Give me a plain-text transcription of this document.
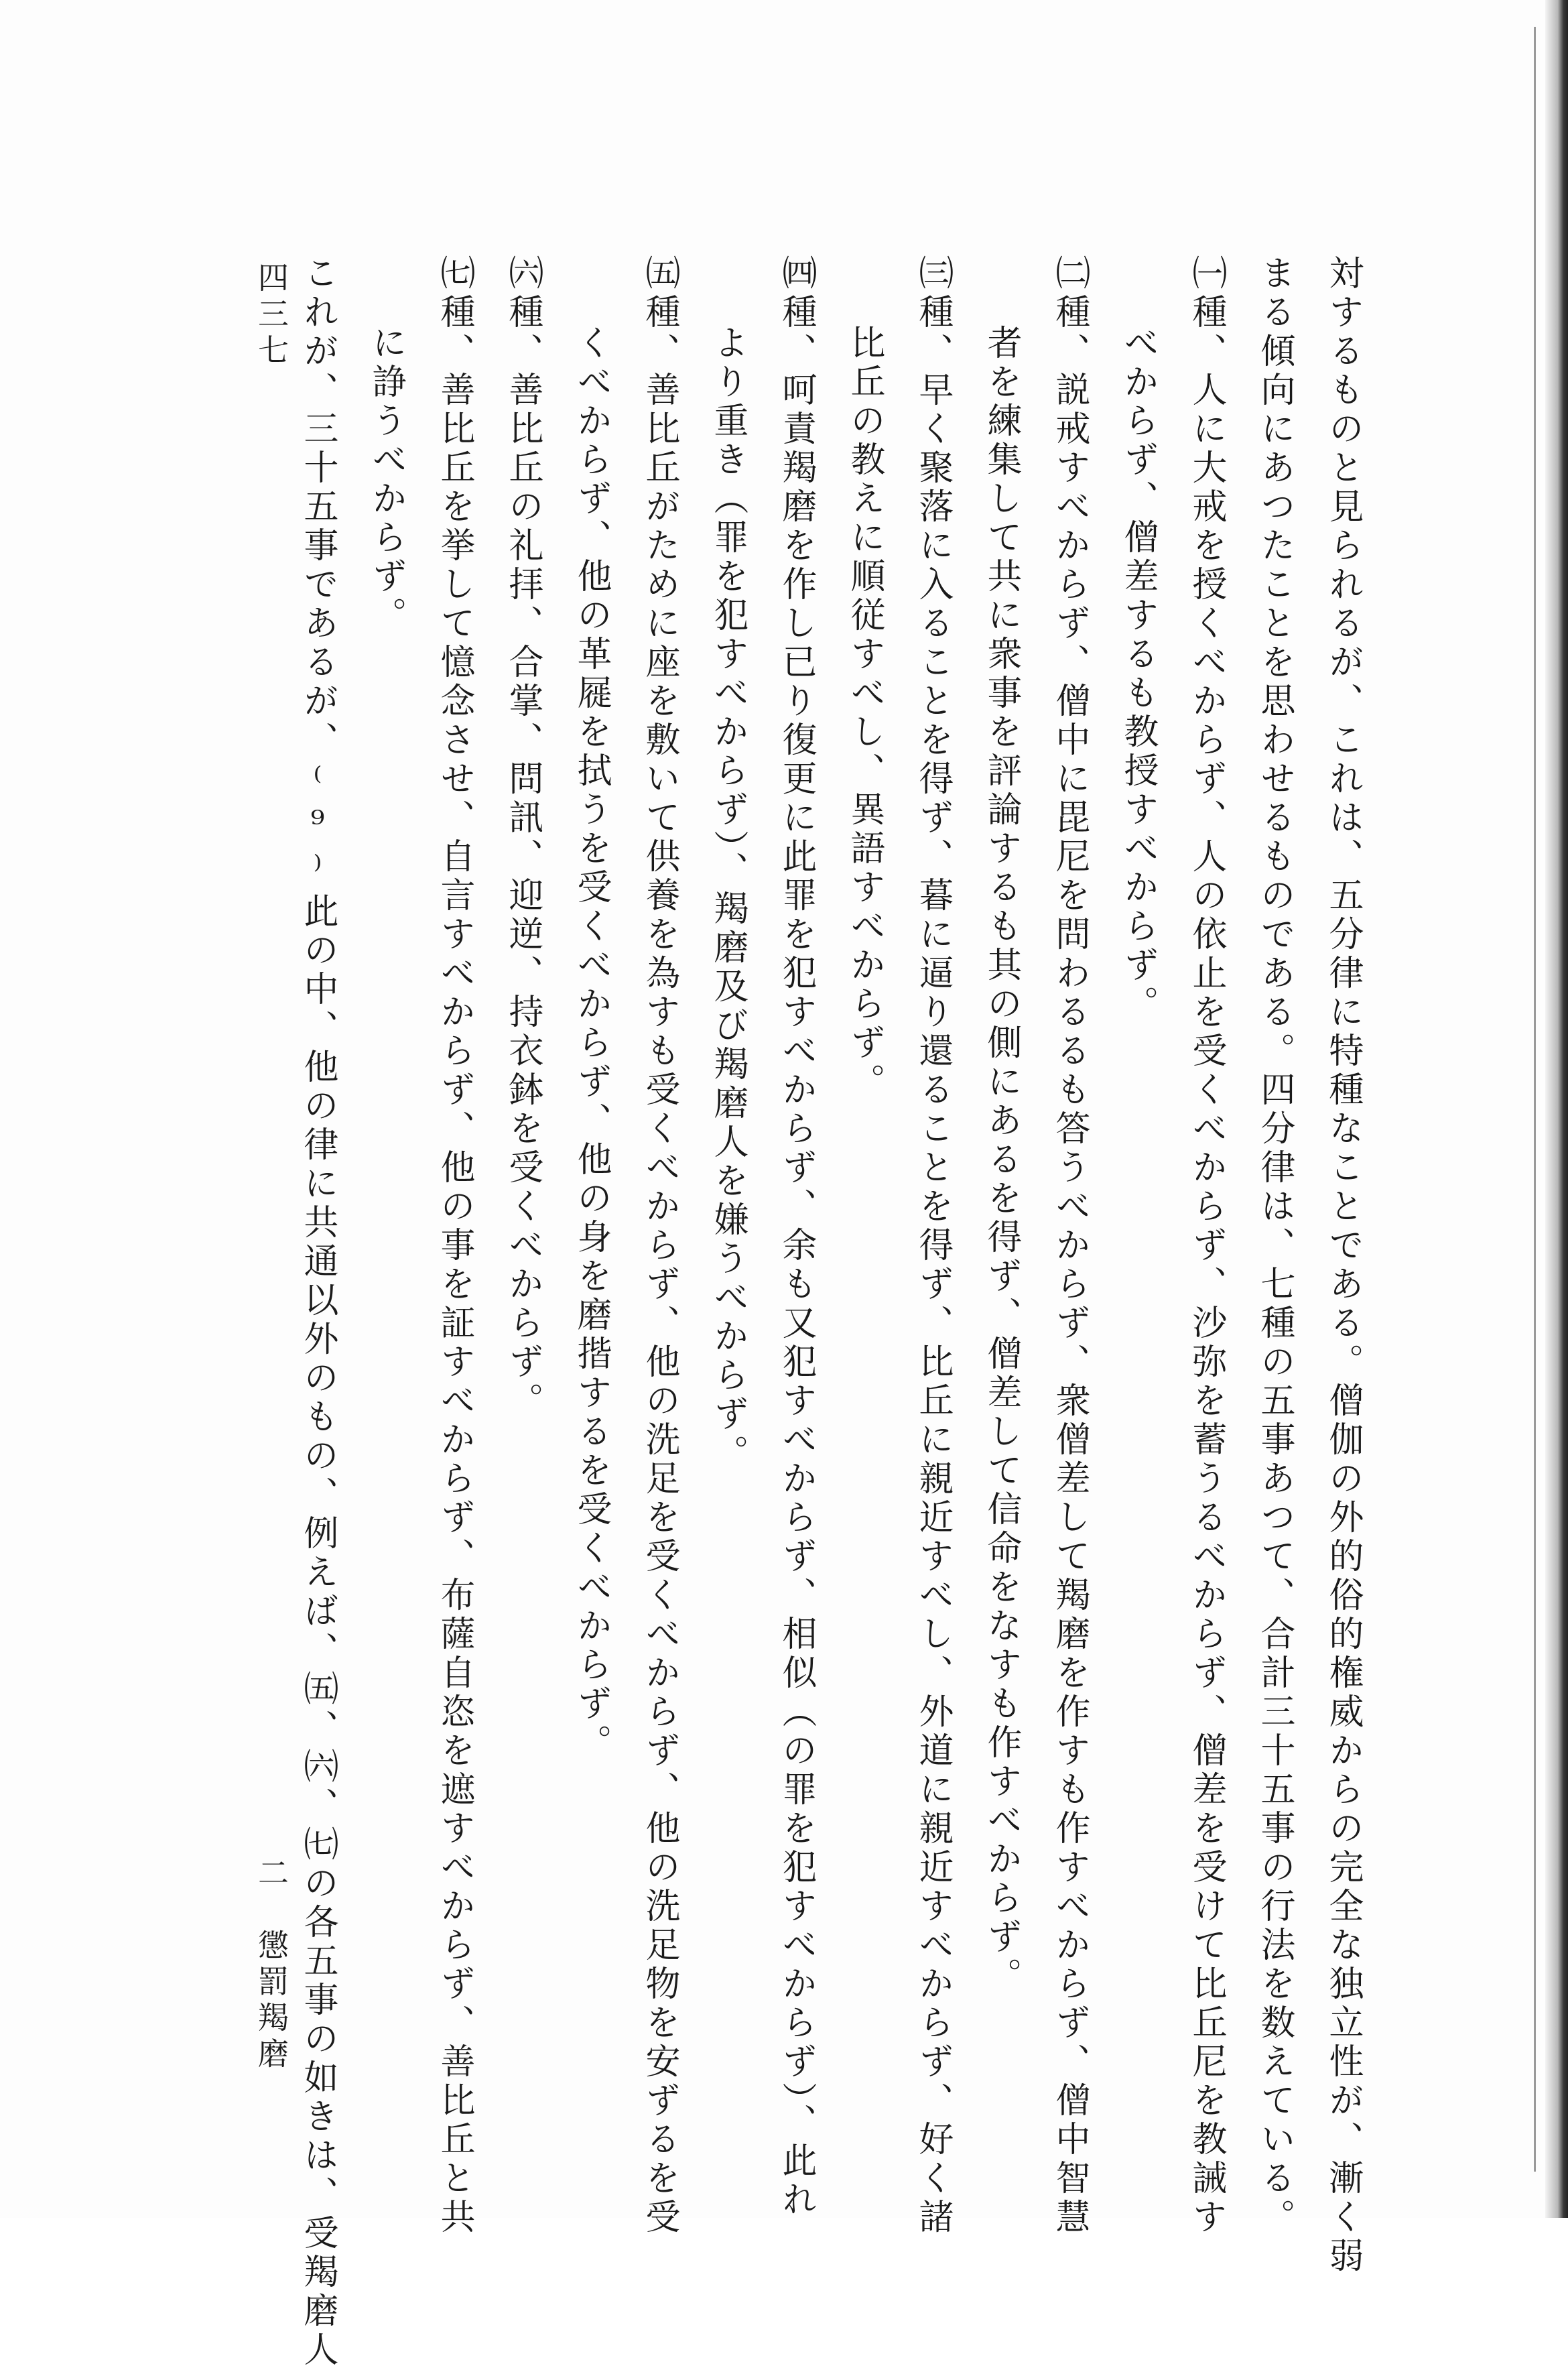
対するものと見られるが、これは、五分律に特種なことである。僧伽の外的俗的権威からの完全な独立性が、漸く弱
まる傾向にあつたことを思わせるものである。四分律は、七種の五事あつて、合計三十五事の行法を数えている。
㈠種、人に大戒を授くべからず、人の依止を受くべからず、沙弥を蓄うるべからず、僧差を受けて比丘尼を教誡す
べからず、僧差するも教授すべからず。
㈡種、説戒すべからず、僧中に毘尼を問わるるも答うべからず、衆僧差して羯磨を作すも作すべからず、僧中智慧
者を練集して共に衆事を評論するも其の側にあるを得ず、僧差して信命をなすも作すべからず。
㈢種、早く聚落に入ることを得ず、暮に逼り還ることを得ず、比丘に親近すべし、外道に親近すべからず、好く諸
比丘の教えに順従すべし、異語すべからず。
㈣種、呵責羯磨を作し已り復更に此罪を犯すべからず、余も又犯すべからず、相似（の罪を犯すべからず）、此れ
より重き（罪を犯すべからず）、羯磨及び羯磨人を嫌うべからず。
㈤種、善比丘がために座を敷いて供養を為すも受くべからず、他の洗足を受くべからず、他の洗足物を安ずるを受
くべからず、他の革屣を拭うを受くべからず、他の身を磨揩するを受くべからず。
㈥種、善比丘の礼拝、合掌、問訊、迎逆、持衣鉢を受くべからず。
㈦種、善比丘を挙して憶念させ、自言すべからず、他の事を証すべからず、布薩自恣を遮すべからず、善比丘と共
に諍うべからず。
これが、三十五事であるが、⁽⁹⁾此の中、他の律に共通以外のもの、例えば、㈤、㈥、㈦の各五事の如きは、受羯磨人
二　懲罰羯磨
四三七
